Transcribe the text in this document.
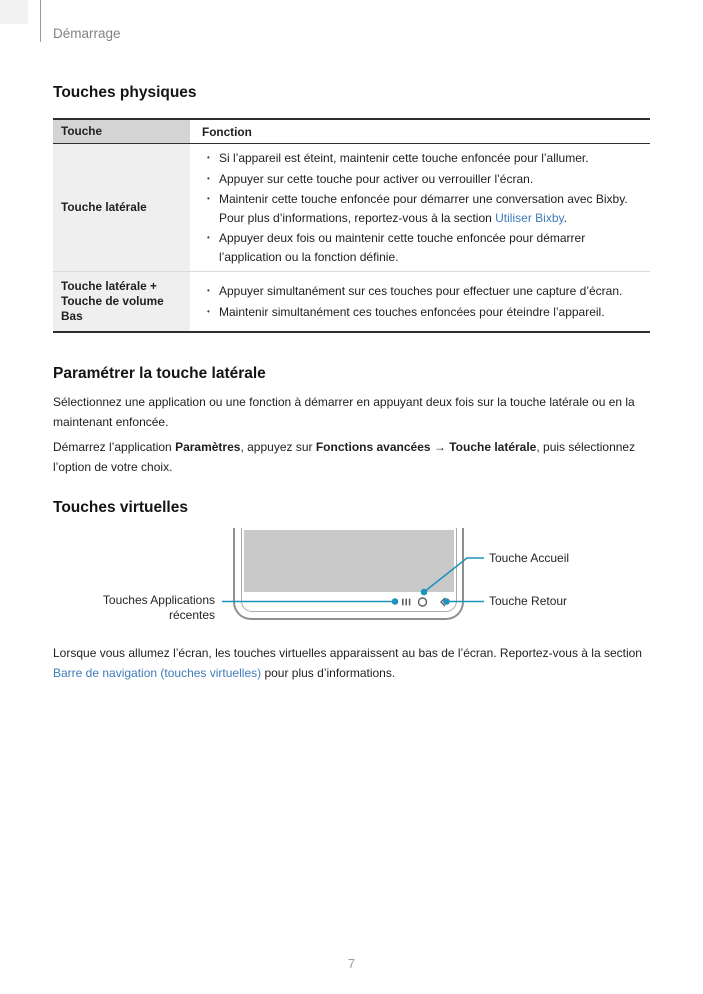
Démarrage
Touches physiques
Touche	Fonction
Touche latérale
• Si l’appareil est éteint, maintenir cette touche enfoncée pour l’allumer.
• Appuyer sur cette touche pour activer ou verrouiller l’écran.
• Maintenir cette touche enfoncée pour démarrer une conversation avec Bixby. Pour plus d’informations, reportez-vous à la section Utiliser Bixby.
• Appuyer deux fois ou maintenir cette touche enfoncée pour démarrer l’application ou la fonction définie.
Touche latérale + Touche de volume Bas
• Appuyer simultanément sur ces touches pour effectuer une capture d’écran.
• Maintenir simultanément ces touches enfoncées pour éteindre l’appareil.
Paramétrer la touche latérale

Sélectionnez une application ou une fonction à démarrer en appuyant deux fois sur la touche latérale ou en la maintenant enfoncée.

Démarrez l’application Paramètres, appuyez sur Fonctions avancées → Touche latérale, puis sélectionnez l’option de votre choix.

Touches virtuelles
Touche Accueil
Touches Applications récentes
Touche Retour

Lorsque vous allumez l’écran, les touches virtuelles apparaissent au bas de l’écran. Reportez-vous à la section Barre de navigation (touches virtuelles) pour plus d’informations.

7
